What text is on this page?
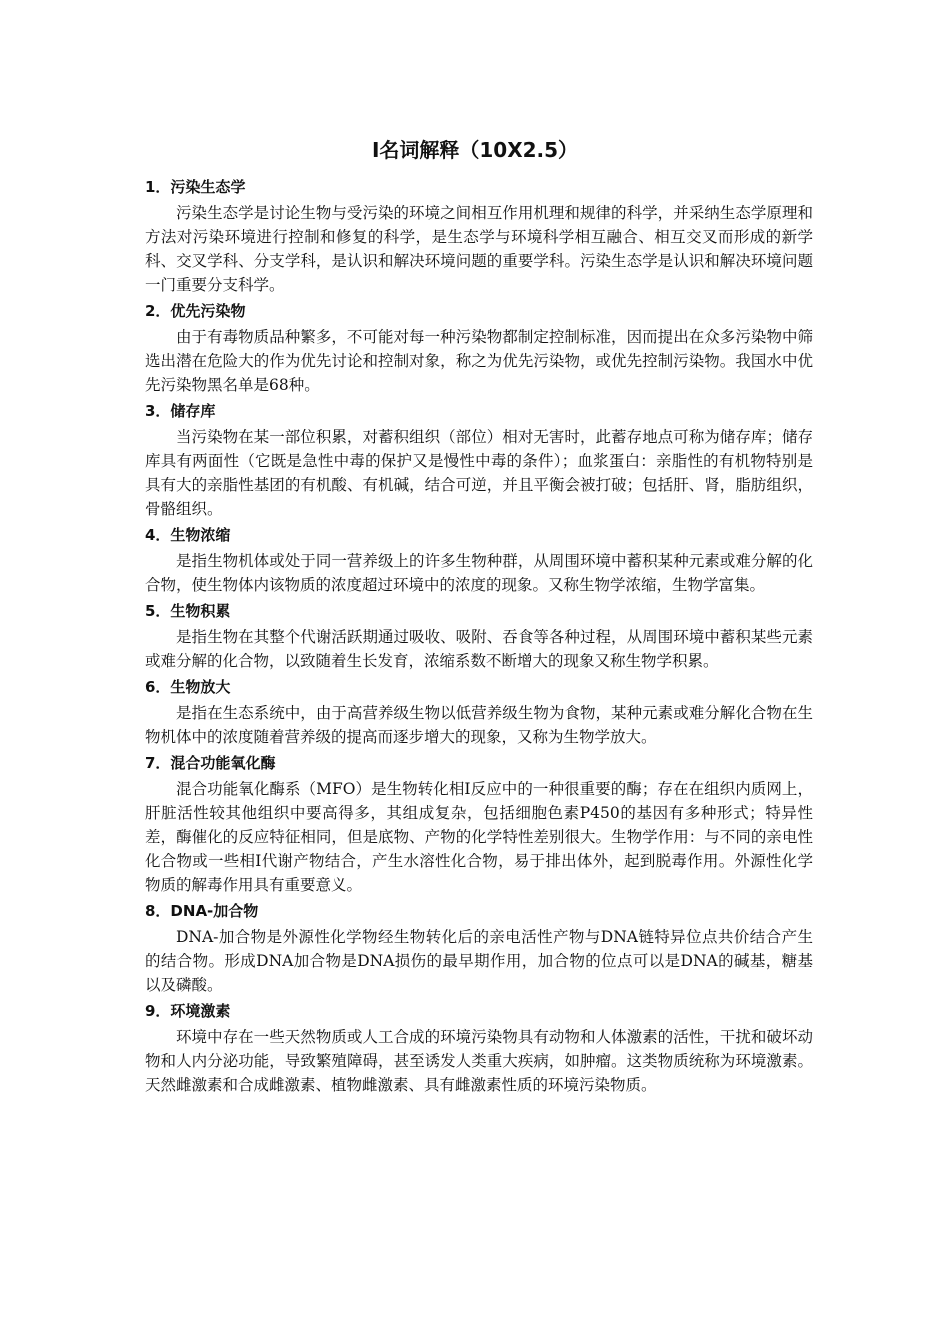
I名词解释（10X2.5）

1．污染生态学

污染生态学是讨论生物与受污染的环境之间相互作用机理和规律的科学，并采纳生态学原理和方法对污染环境进行控制和修复的科学，是生态学与环境科学相互融合、相互交叉而形成的新学科、交叉学科、分支学科，是认识和解决环境问题的重要学科。污染生态学是认识和解决环境问题一门重要分支科学。

2．优先污染物

由于有毒物质品种繁多，不可能对每一种污染物都制定控制标准，因而提出在众多污染物中筛选出潜在危险大的作为优先讨论和控制对象，称之为优先污染物，或优先控制污染物。我国水中优先污染物黑名单是68种。

3．储存库

当污染物在某一部位积累，对蓄积组织（部位）相对无害时，此蓄存地点可称为储存库；储存库具有两面性（它既是急性中毒的保护又是慢性中毒的条件）；血浆蛋白：亲脂性的有机物特别是具有大的亲脂性基团的有机酸、有机碱，结合可逆，并且平衡会被打破；包括肝、肾，脂肪组织，骨骼组织。

4．生物浓缩

是指生物机体或处于同一营养级上的许多生物种群，从周围环境中蓄积某种元素或难分解的化合物，使生物体内该物质的浓度超过环境中的浓度的现象。又称生物学浓缩，生物学富集。

5．生物积累

是指生物在其整个代谢活跃期通过吸收、吸附、吞食等各种过程，从周围环境中蓄积某些元素或难分解的化合物，以致随着生长发育，浓缩系数不断增大的现象又称生物学积累。

6．生物放大

是指在生态系统中，由于高营养级生物以低营养级生物为食物，某种元素或难分解化合物在生物机体中的浓度随着营养级的提高而逐步增大的现象，又称为生物学放大。

7．混合功能氧化酶

混合功能氧化酶系（MFO）是生物转化相Ⅰ反应中的一种很重要的酶；存在在组织内质网上，肝脏活性较其他组织中要高得多，其组成复杂，包括细胞色素P450的基因有多种形式；特异性差，酶催化的反应特征相同，但是底物、产物的化学特性差别很大。生物学作用：与不同的亲电性化合物或一些相Ⅰ代谢产物结合，产生水溶性化合物，易于排出体外，起到脱毒作用。外源性化学物质的解毒作用具有重要意义。

8．DNA-加合物

DNA-加合物是外源性化学物经生物转化后的亲电活性产物与DNA链特异位点共价结合产生的结合物。形成DNA加合物是DNA损伤的最早期作用，加合物的位点可以是DNA的碱基，糖基以及磷酸。

9．环境激素

环境中存在一些天然物质或人工合成的环境污染物具有动物和人体激素的活性，干扰和破坏动物和人内分泌功能，导致繁殖障碍，甚至诱发人类重大疾病，如肿瘤。这类物质统称为环境激素。天然雌激素和合成雌激素、植物雌激素、具有雌激素性质的环境污染物质。
